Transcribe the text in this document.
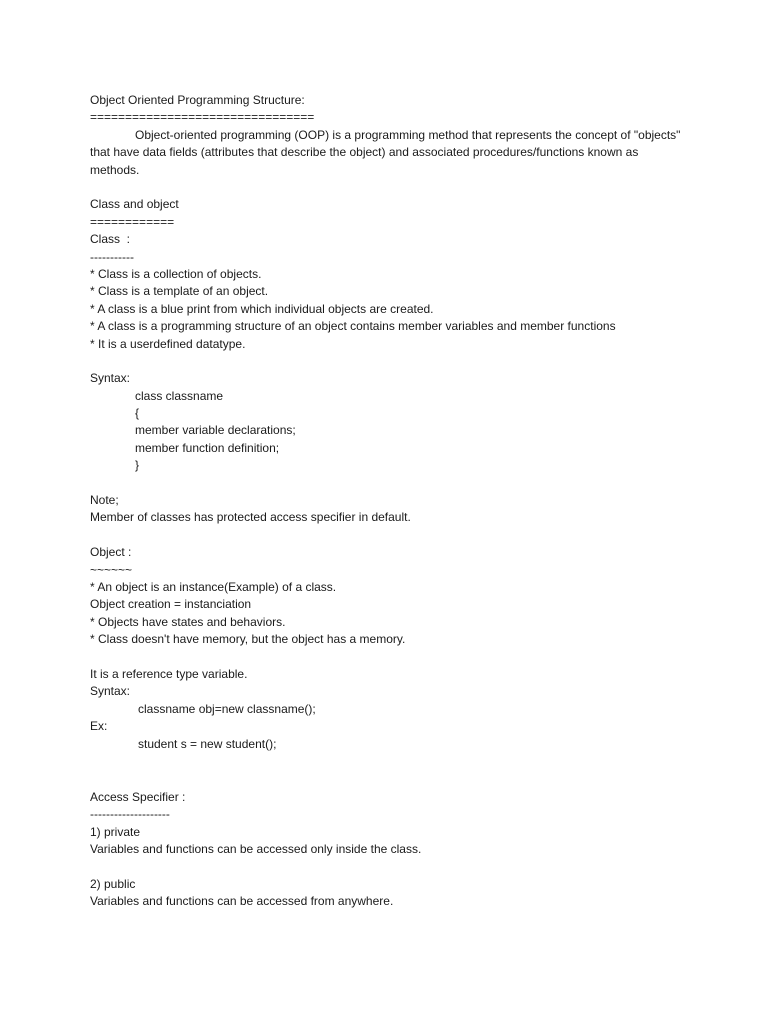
Object Oriented Programming Structure:
================================
Object-oriented programming (OOP) is a programming method that represents the concept of "objects" that have data fields (attributes that describe the object) and associated procedures/functions known as methods.
Class and object
============
Class  :
-----------
* Class is a collection of objects.
* Class is a template of an object.
* A class is a blue print from which individual objects are created.
* A class is a programming structure of an object contains member variables and member functions
* It is a userdefined datatype.
Syntax:
class classname
{
member variable declarations;
member function definition;
}
Note;
Member of classes has protected access specifier in default.
Object :
~~~~~~
* An object is an instance(Example) of a class.
Object creation = instanciation
* Objects have states and behaviors.
* Class doesn't have memory, but the object has a memory.
It is a reference type variable.
Syntax:
classname obj=new classname();
Ex:
student s = new student();
Access Specifier :
--------------------
1) private
Variables and functions can be accessed only inside the class.
2) public
Variables and functions can be accessed from anywhere.
